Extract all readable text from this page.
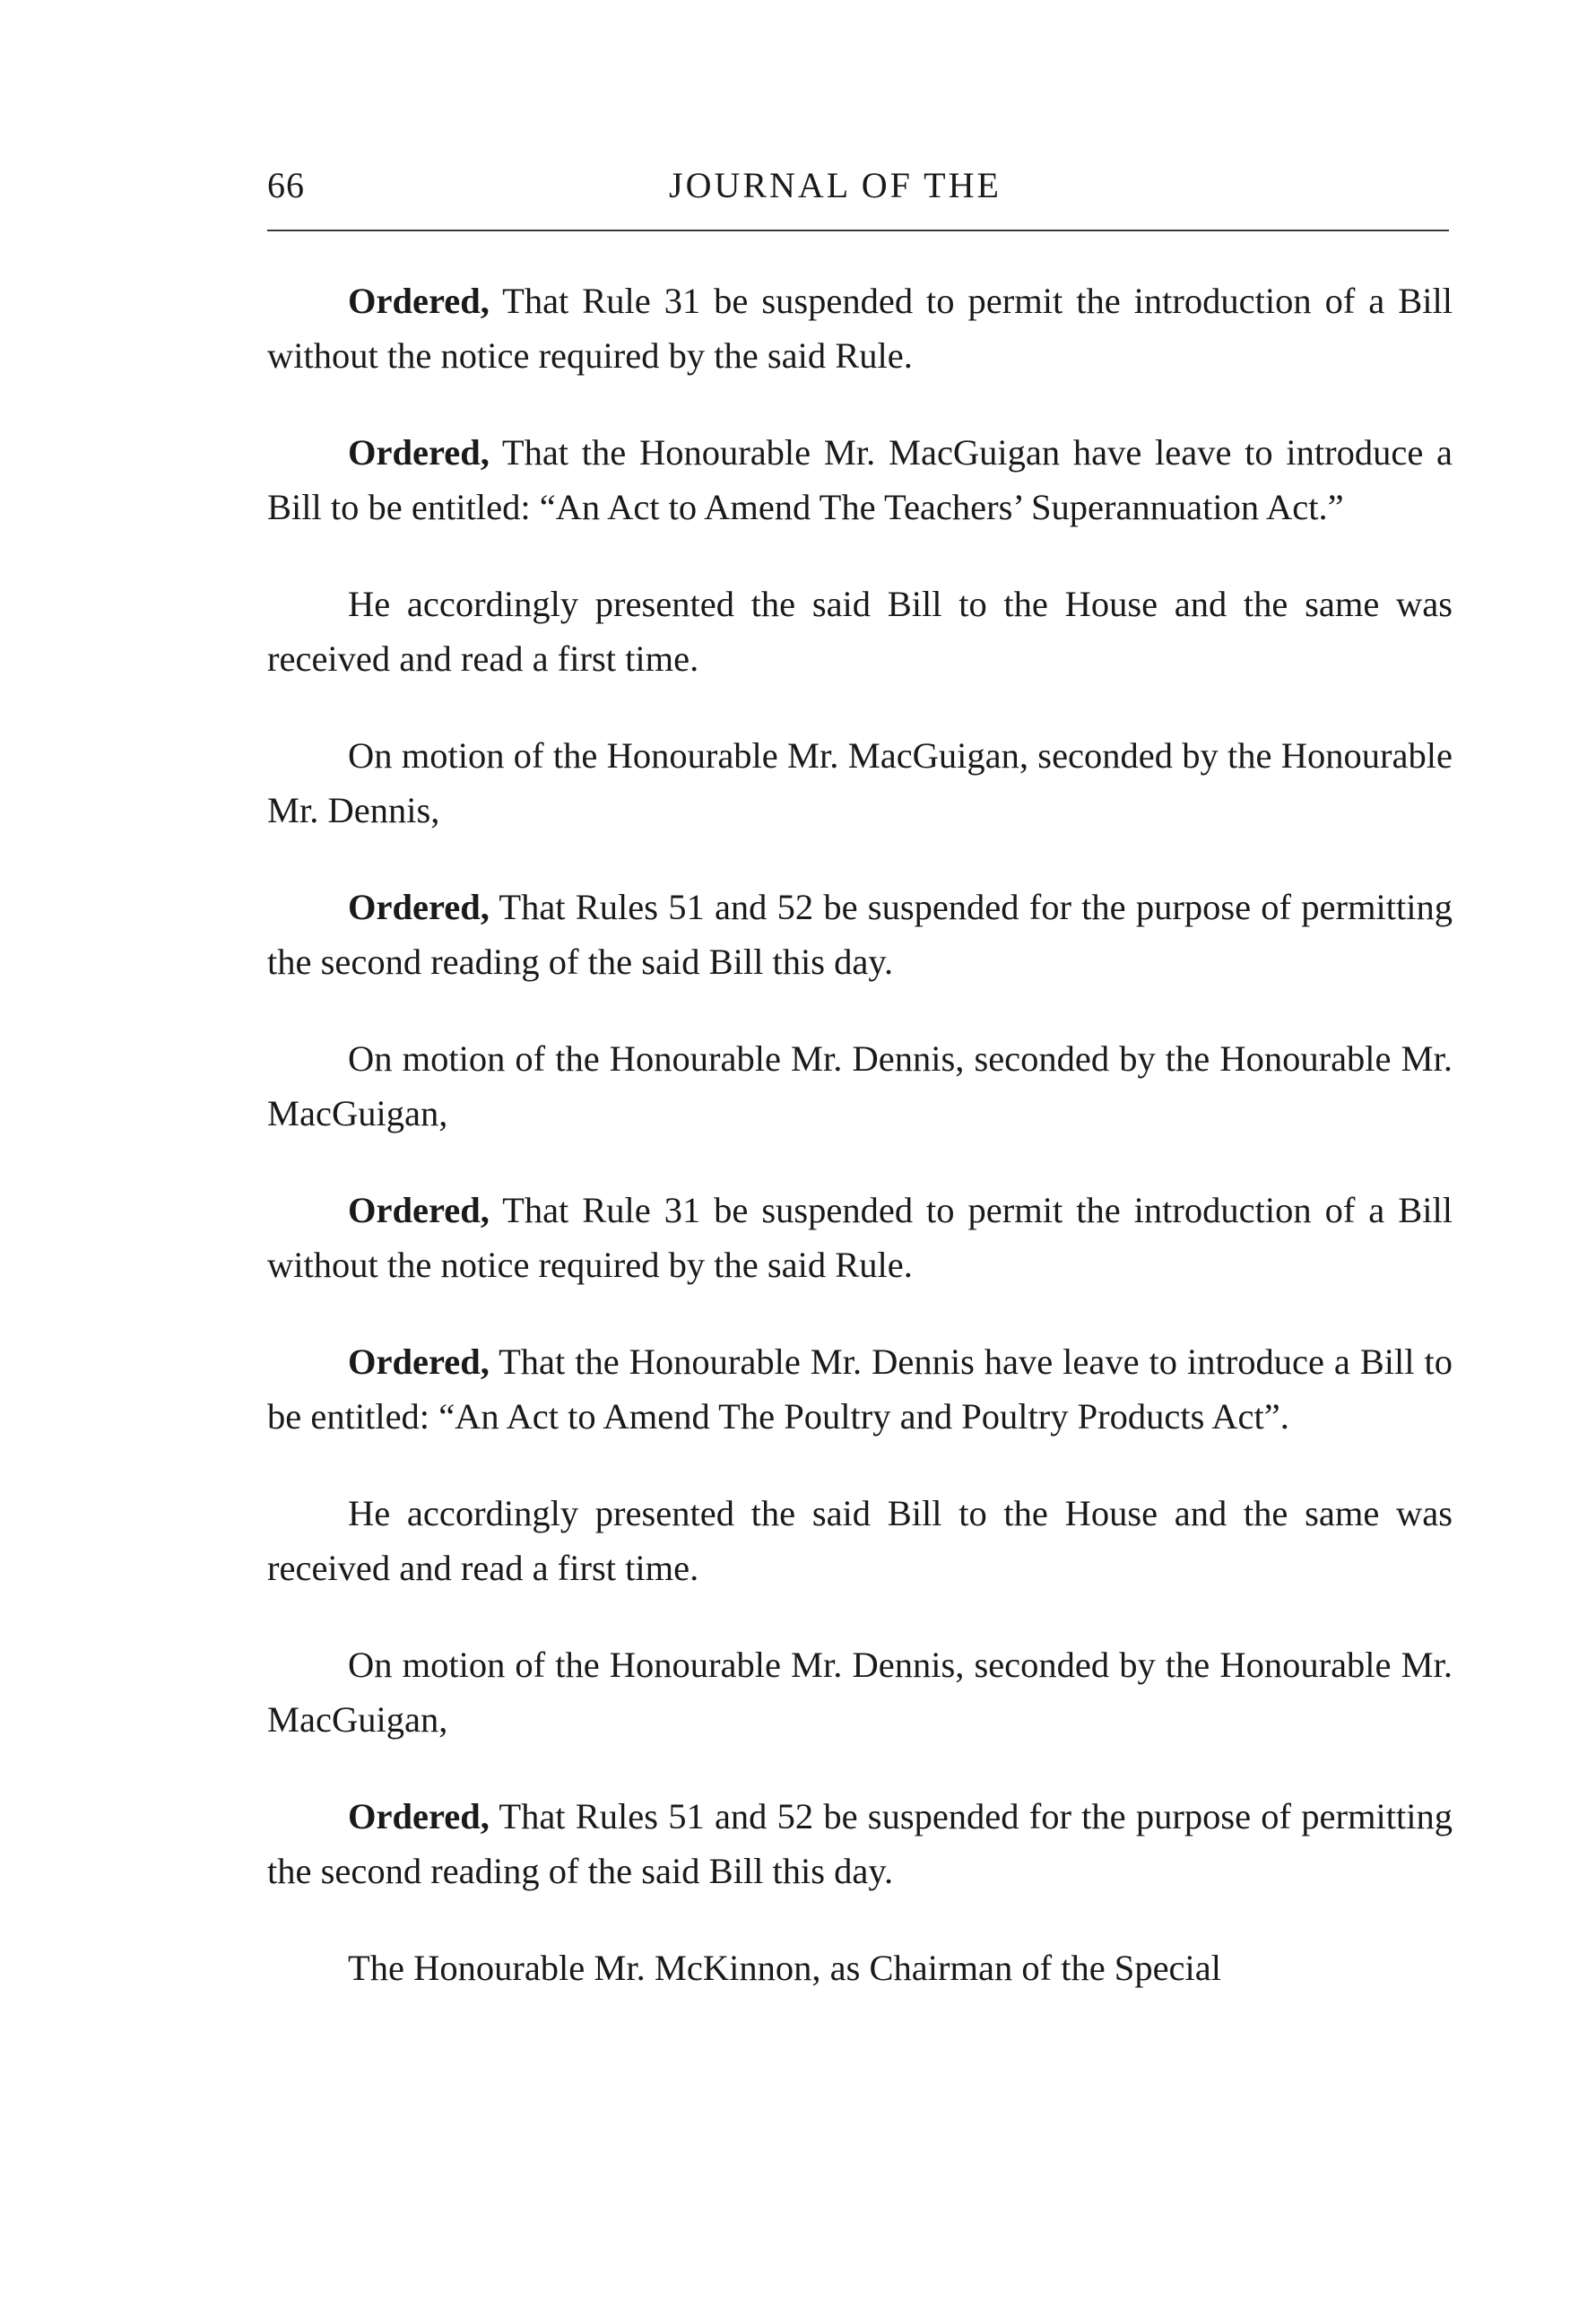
66	JOURNAL OF THE

Ordered, That Rule 31 be suspended to permit the introduction of a Bill without the notice required by the said Rule.

Ordered, That the Honourable Mr. MacGuigan have leave to introduce a Bill to be entitled: “An Act to Amend The Teachers’ Superannuation Act.”

He accordingly presented the said Bill to the House and the same was received and read a first time.

On motion of the Honourable Mr. MacGuigan, seconded by the Honourable Mr. Dennis,

Ordered, That Rules 51 and 52 be suspended for the purpose of permitting the second reading of the said Bill this day.

On motion of the Honourable Mr. Dennis, seconded by the Honourable Mr. MacGuigan,

Ordered, That Rule 31 be suspended to permit the introduction of a Bill without the notice required by the said Rule.

Ordered, That the Honourable Mr. Dennis have leave to introduce a Bill to be entitled: “An Act to Amend The Poultry and Poultry Products Act”.

He accordingly presented the said Bill to the House and the same was received and read a first time.

On motion of the Honourable Mr. Dennis, seconded by the Honourable Mr. MacGuigan,

Ordered, That Rules 51 and 52 be suspended for the purpose of permitting the second reading of the said Bill this day.

The Honourable Mr. McKinnon, as Chairman of the Special
